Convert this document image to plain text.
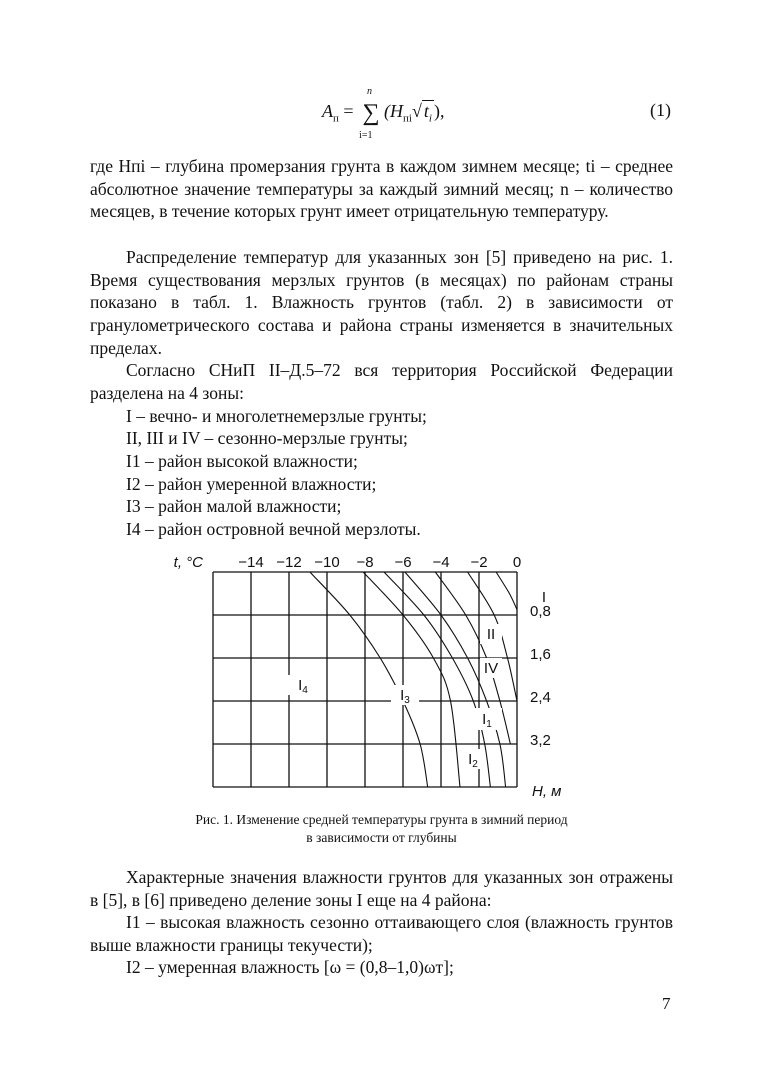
$A_п$ = ∑
n
i=1
($H_{пi}√$ $t_i$ ),	(1)

где Hпi – глубина промерзания грунта в каждом зимнем месяце; ti – среднее абсолютное значение температуры за каждый зимний месяц; n – количество месяцев, в течение которых грунт имеет отрицательную температуру.

Распределение температур для указанных зон [5] приведено на рис. 1. Время существования мерзлых грунтов (в месяцах) по районам страны показано в табл. 1. Влажность грунтов (табл. 2) в зависимости от гранулометрического состава и района страны изменяется в значительных пределах.

Согласно СНиП II–Д.5–72 вся территория Российской Федерации разделена на 4 зоны:

I – вечно- и многолетнемерзлые грунты;

II, III и IV – сезонно-мерзлые грунты;

I1 – район высокой влажности;

I2 – район умеренной влажности;

I3 – район малой влажности;

I4 – район островной вечной мерзлоты.

t, °C −14 −12 −10 −8 −6 −4 −2 0
0,8
1,6
2,4
3,2
H, м
I
II
IV
$I_4$	$I_3$
$I_1$
$I_2$
Рис. 1. Изменение средней температуры грунта в зимний период
в зависимости от глубины

Характерные значения влажности грунтов для указанных зон отражены в [5], в [6] приведено деление зоны I еще на 4 района:

I1 – высокая влажность сезонно оттаивающего слоя (влажность грунтов выше влажности границы текучести);

I2 – умеренная влажность [ω = (0,8–1,0)ωт];

7
